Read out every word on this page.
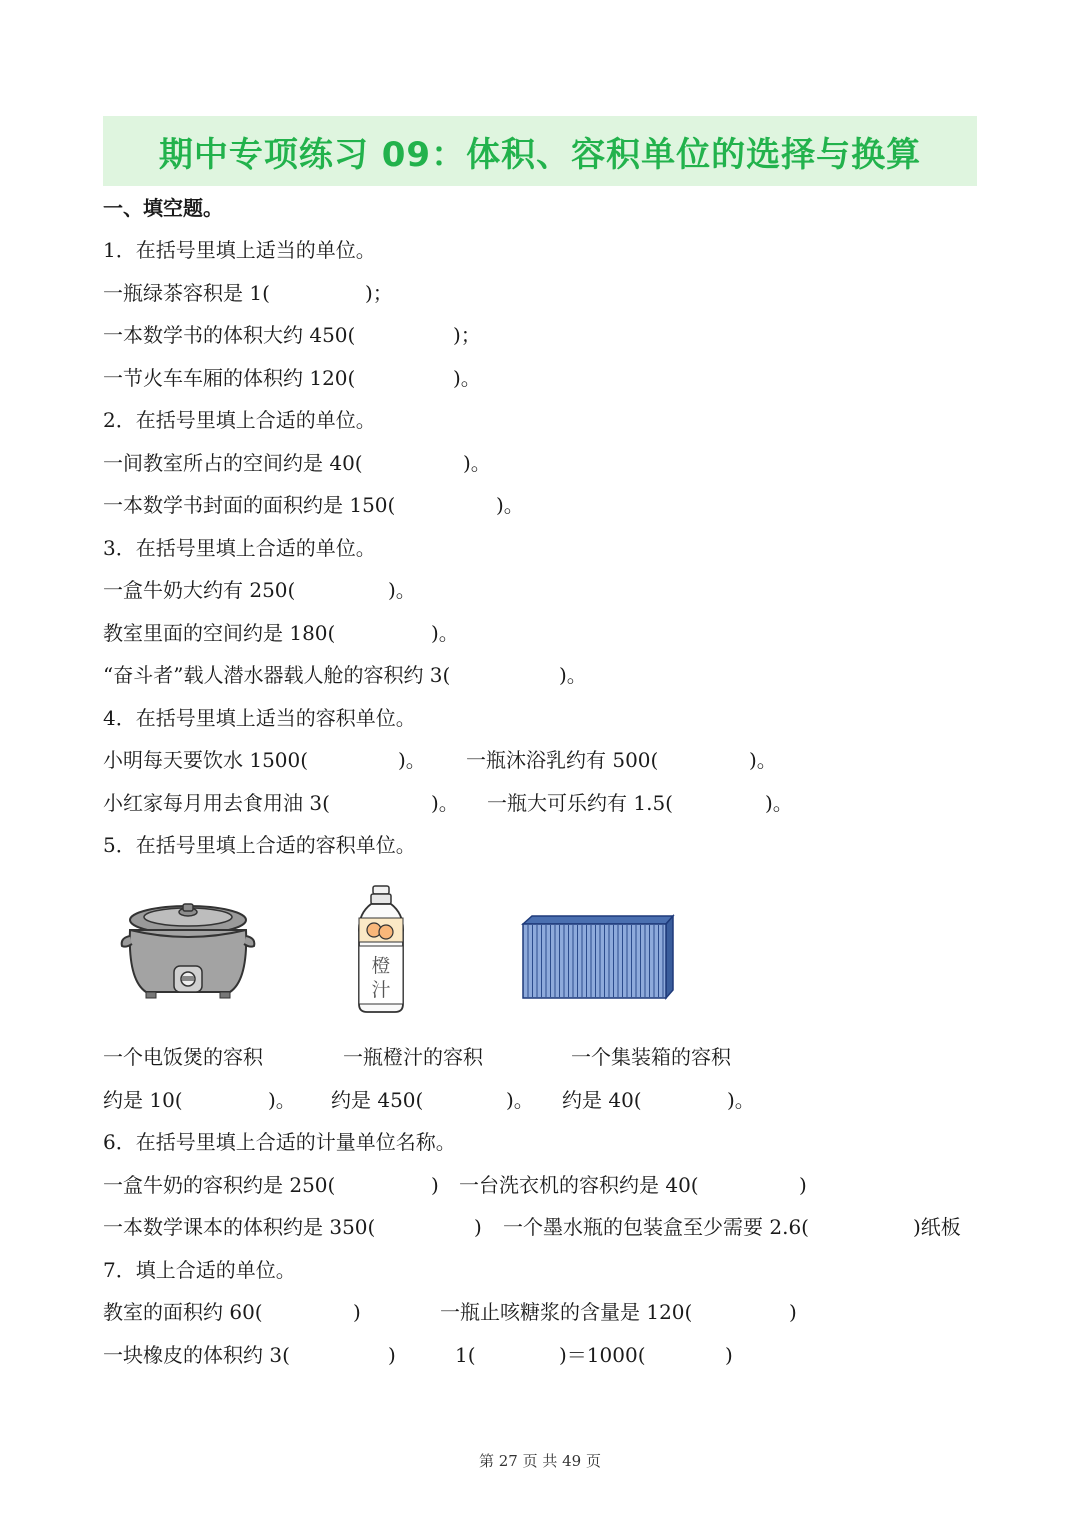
期中专项练习 09：体积、容积单位的选择与换算
一、填空题。
1．在括号里填上适当的单位。
一瓶绿茶容积是 1(	)；
一本数学书的体积大约 450(	)；
一节火车车厢的体积约 120(	)。
2．在括号里填上合适的单位。
一间教室所占的空间约是 40(	)。
一本数学书封面的面积约是 150(	)。
3．在括号里填上合适的单位。
一盒牛奶大约有 250(	)。
教室里面的空间约是 180(	)。
“奋斗者”载人潜水器载人舱的容积约 3(	)。
4．在括号里填上适当的容积单位。
小明每天要饮水 1500(	)。 一瓶沐浴乳约有 500(	)。
小红家每月用去食用油 3(	)。 一瓶大可乐约有 1.5(	)。
5．在括号里填上合适的容积单位。
橙
汁
一个电饭煲的容积	一瓶橙汁的容积	一个集装箱的容积
约是 10(	)。 约是 450(	)。 约是 40(	)。
6．在括号里填上合适的计量单位名称。
一盒牛奶的容积约是 250(	) 一台洗衣机的容积约是 40(	)
一本数学课本的体积约是 350(	) 一个墨水瓶的包装盒至少需要 2.6(	)纸板
7．填上合适的单位。
教室的面积约 60(	)	一瓶止咳糖浆的含量是 120(	)
一块橡皮的体积约 3(	)	1(	)＝1000(	)
第 27 页 共 49 页
